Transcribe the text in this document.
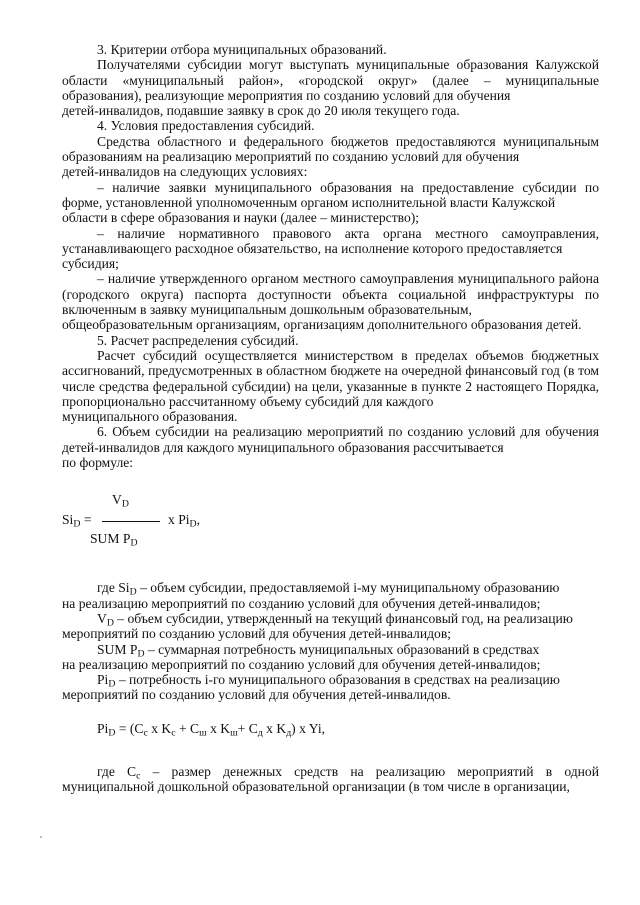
3. Критерии отбора муниципальных образований.

Получателями субсидии могут выступать муниципальные образования Калужской области «муниципальный район», «городской округ» (далее – муниципальные образования), реализующие мероприятия по созданию условий для обучения

детей-инвалидов, подавшие заявку в срок до 20 июля текущего года.

4. Условия предоставления субсидий.

Средства областного и федерального бюджетов предоставляются муниципальным образованиям на реализацию мероприятий по созданию условий для обучения

детей-инвалидов на следующих условиях:

– наличие заявки муниципального образования на предоставление субсидии по форме, установленной уполномоченным органом исполнительной власти Калужской

области в сфере образования и науки (далее – министерство);

– наличие нормативного правового акта органа местного самоуправления, устанавливающего расходное обязательство, на исполнение которого предоставляется

субсидия;

– наличие утвержденного органом местного самоуправления муниципального района (городского округа) паспорта доступности объекта социальной инфраструктуры по включенным в заявку муниципальным дошкольным образовательным,

общеобразовательным организациям, организациям дополнительного образования детей.

5. Расчет распределения субсидий.

Расчет субсидий осуществляется министерством в пределах объемов бюджетных ассигнований, предусмотренных в областном бюджете на очередной финансовый год (в том числе средства федеральной субсидии) на цели, указанные в пункте 2 настоящего Порядка, пропорционально рассчитанному объему субсидий для каждого

муниципального образования.

6. Объем субсидии на реализацию мероприятий по созданию условий для обучения детей-инвалидов для каждого муниципального образования рассчитывается

по формуле:

$V_D$
$Si_D$ =	x $Pi_D$,
SUM $P_D$

где $Si_D$ – объем субсидии, предоставляемой i-му муниципальному образованию

на реализацию мероприятий по созданию условий для обучения детей-инвалидов;

$V_D$ – объем субсидии, утвержденный на текущий финансовый год, на реализацию

мероприятий по созданию условий для обучения детей-инвалидов;

SUM $P_D$ – суммарная потребность муниципальных образований в средствах

на реализацию мероприятий по созданию условий для обучения детей-инвалидов;

$Pi_D$ – потребность i-го муниципального образования в средствах на реализацию

мероприятий по созданию условий для обучения детей-инвалидов.

$Pi_D = (C_c$ x $K_c + C_ш$ x $K_ш+ C_д$ x $K_д$) x Yi,

где $C_c$ – размер денежных средств на реализацию мероприятий в одной муниципальной дошкольной образовательной организации (в том числе в организации,
